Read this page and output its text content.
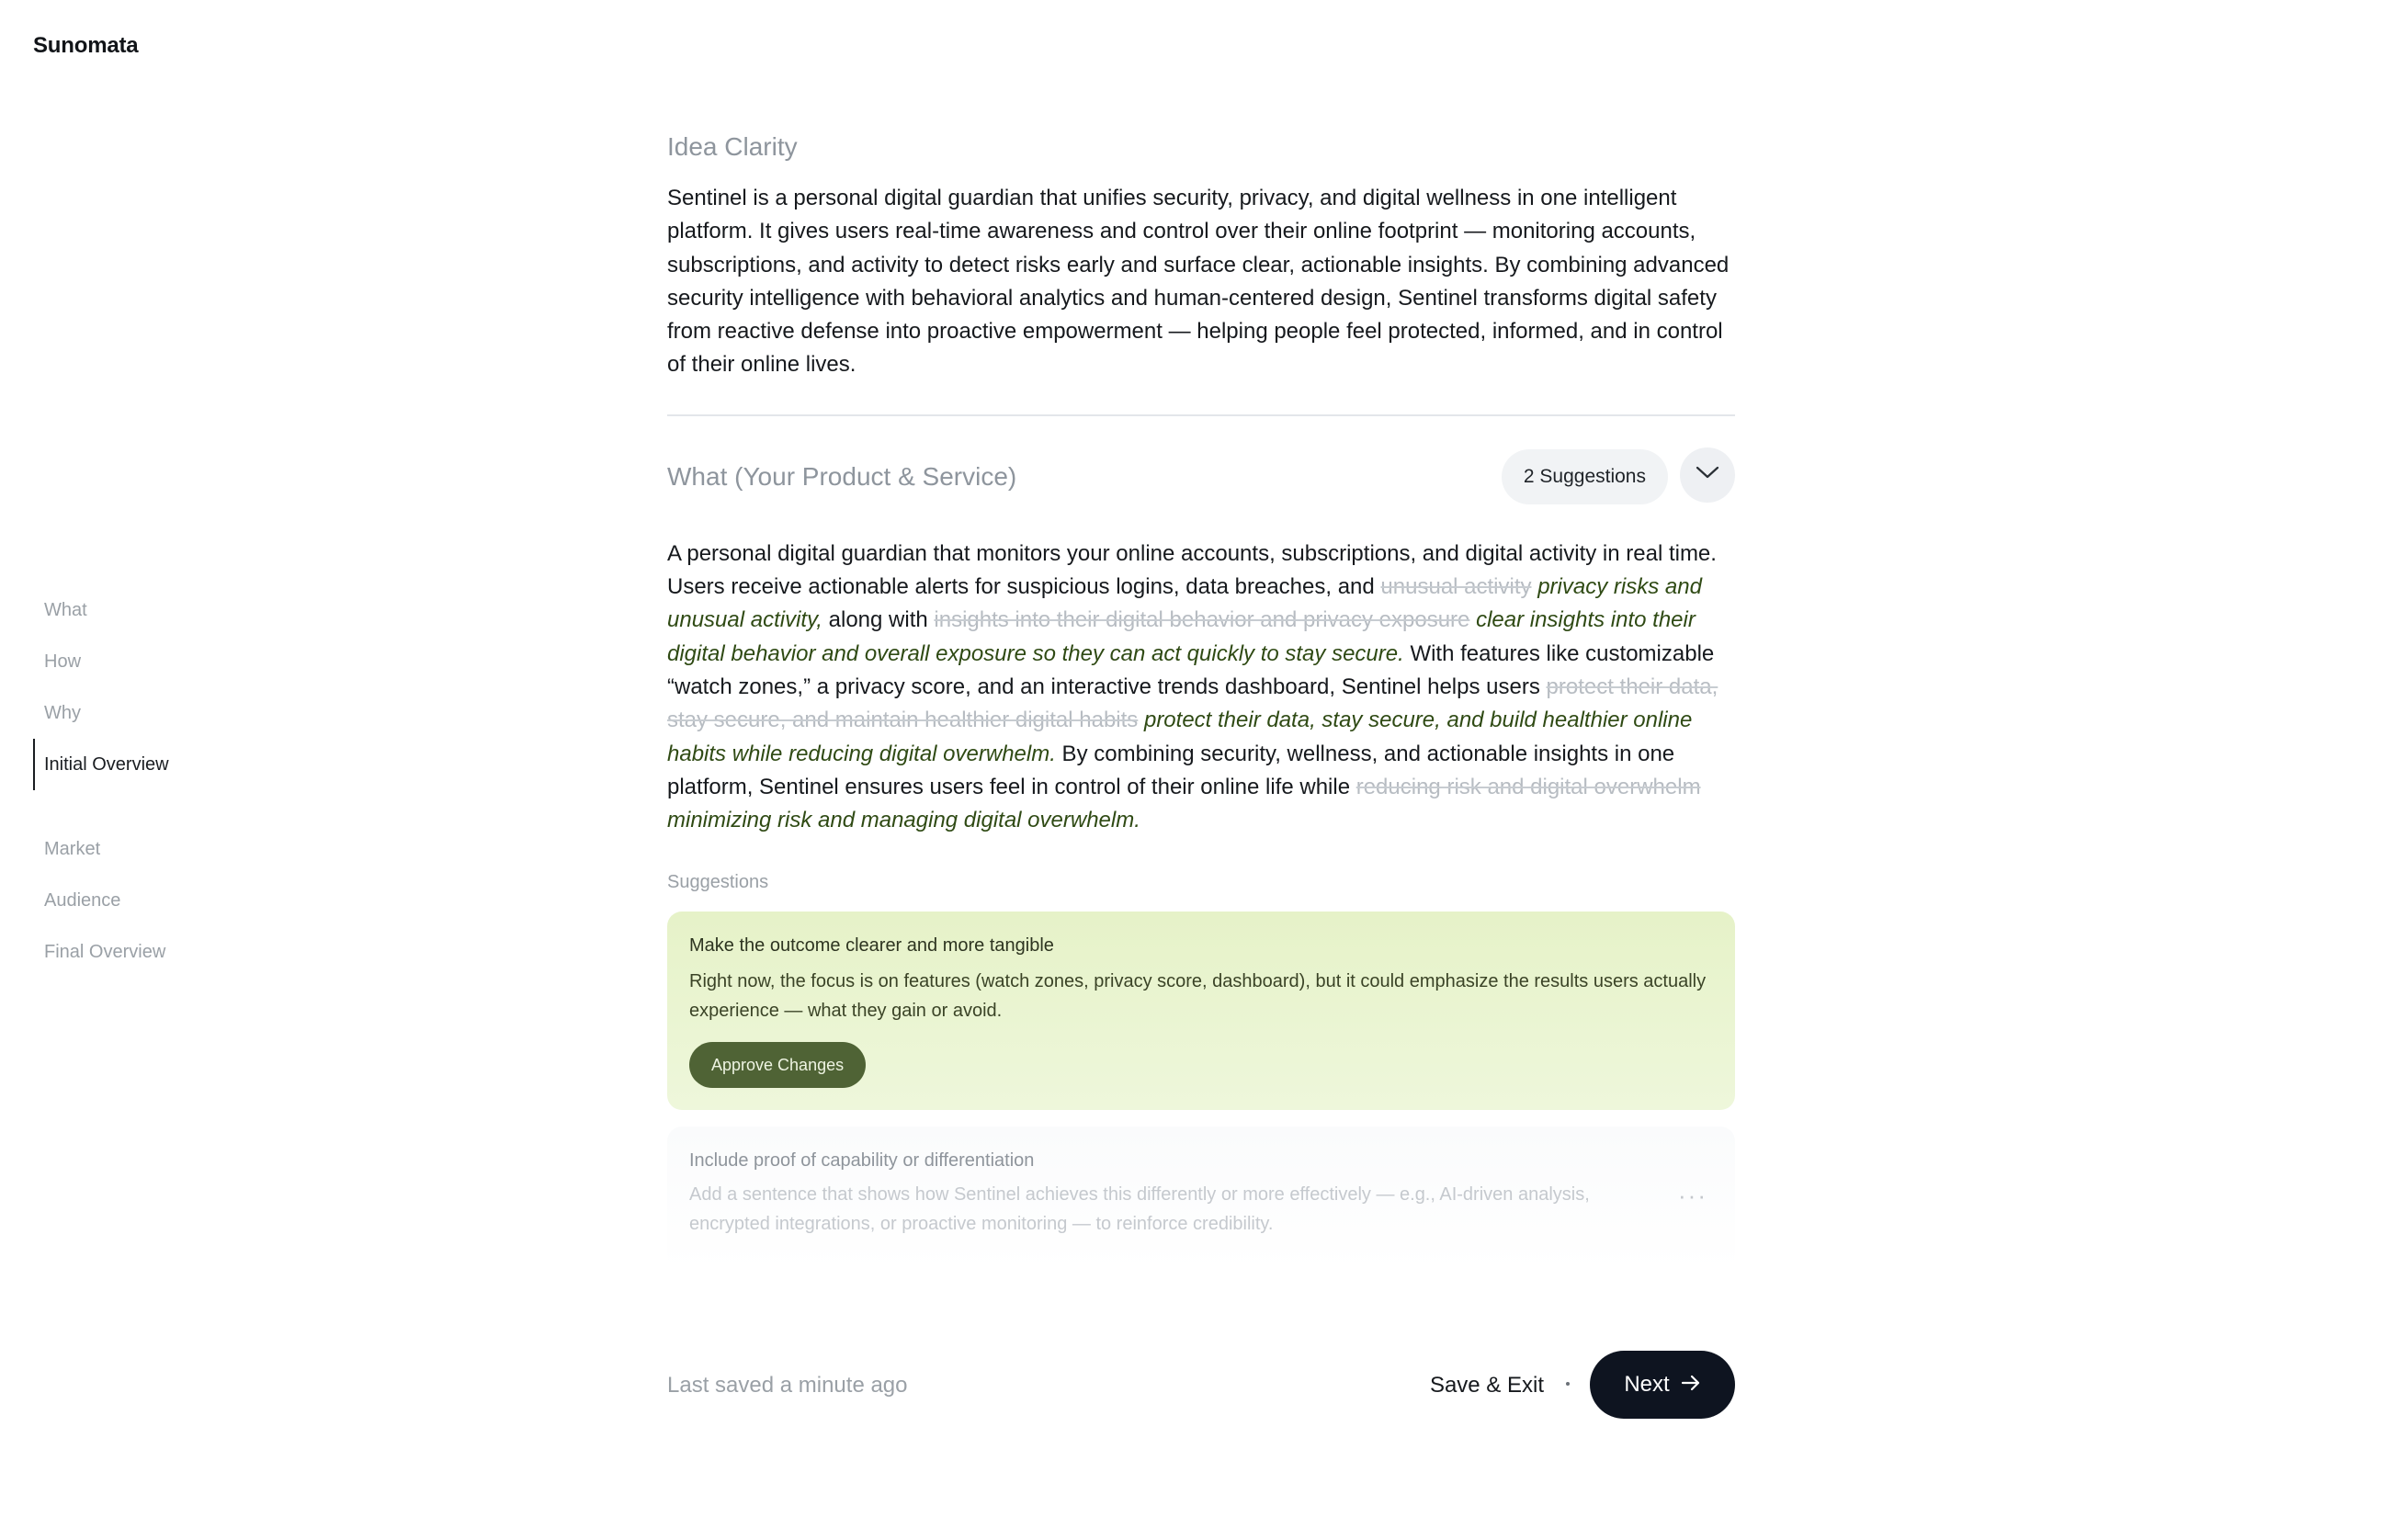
Sunomata
What
How
Why
Initial Overview
Market
Audience
Final Overview
Idea Clarity

Sentinel is a personal digital guardian that unifies security, privacy, and digital wellness in one intelligent platform. It gives users real-time awareness and control over their online footprint — monitoring accounts, subscriptions, and activity to detect risks early and surface clear, actionable insights. By combining advanced security intelligence with behavioral analytics and human-centered design, Sentinel transforms digital safety from reactive defense into proactive empowerment — helping people feel protected, informed, and in control of their online lives.

What (Your Product & Service)	2 Suggestions

A personal digital guardian that monitors your online accounts, subscriptions, and digital activity in real time. Users receive actionable alerts for suspicious logins, data breaches, and unusual activity privacy risks and unusual activity, along with insights into their digital behavior and privacy exposure clear insights into their digital behavior and overall exposure so they can act quickly to stay secure. With features like customizable “watch zones,” a privacy score, and an interactive trends dashboard, Sentinel helps users protect their data, stay secure, and maintain healthier digital habits protect their data, stay secure, and build healthier online habits while reducing digital overwhelm. By combining security, wellness, and actionable insights in one platform, Sentinel ensures users feel in control of their online life while reducing risk and digital overwhelm minimizing risk and managing digital overwhelm.

Suggestions
Make the outcome clearer and more tangible
Right now, the focus is on features (watch zones, privacy score, dashboard), but it could emphasize the results users actually experience — what they gain or avoid.
Approve Changes
Include proof of capability or differentiation
Add a sentence that shows how Sentinel achieves this differently or more effectively — e.g., AI-driven analysis, encrypted integrations, or proactive monitoring — to reinforce credibility.
···
Last saved a minute ago	Save & Exit	Next
